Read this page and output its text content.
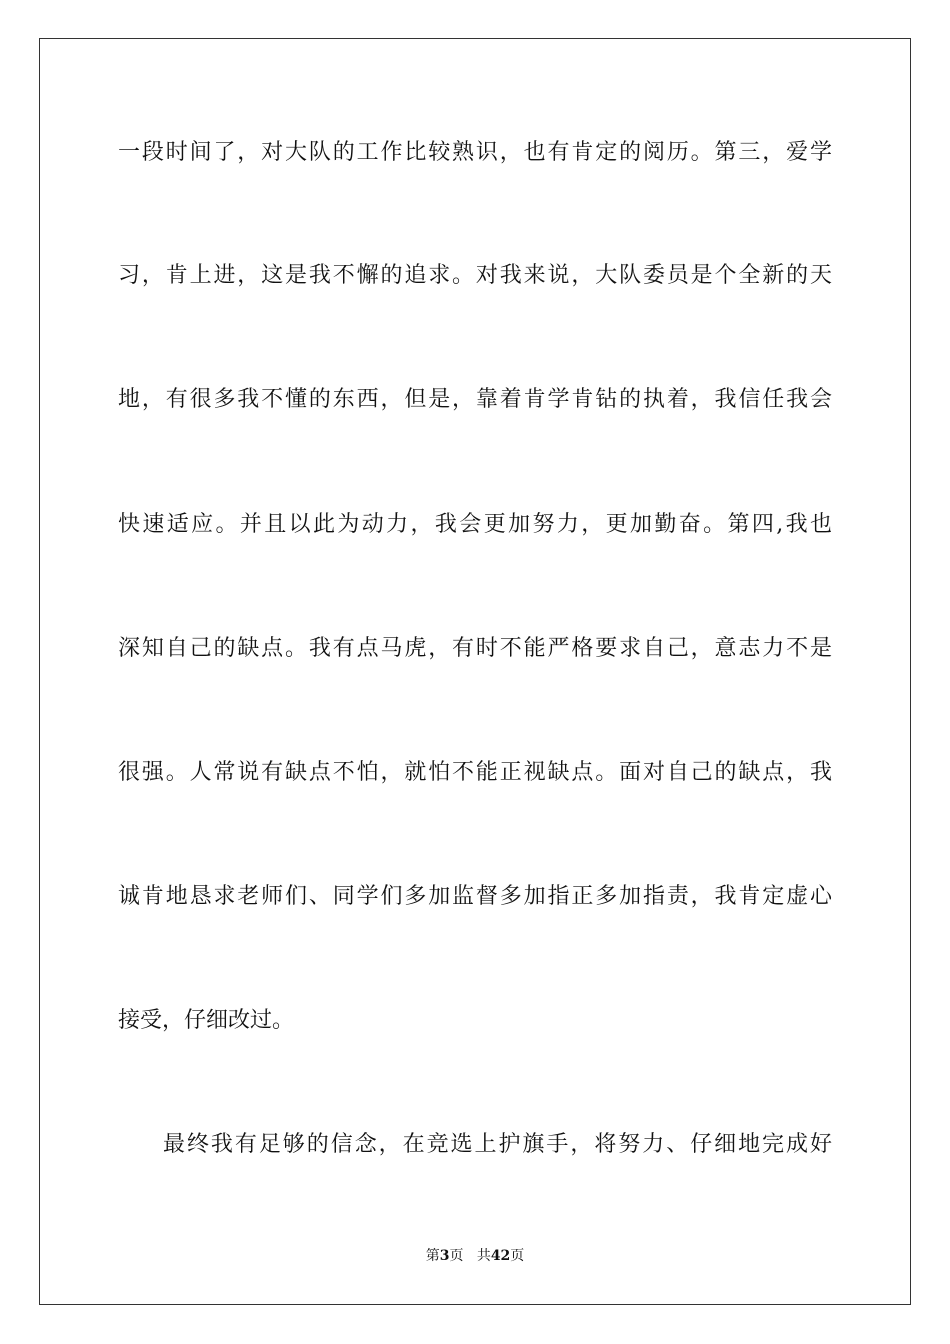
一段时间了，对大队的工作比较熟识，也有肯定的阅历。第三，爱学
习，肯上进，这是我不懈的追求。对我来说，大队委员是个全新的天
地，有很多我不懂的东西，但是，靠着肯学肯钻的执着，我信任我会
快速适应。并且以此为动力，我会更加努力，更加勤奋。第四,我也
深知自己的缺点。我有点马虎，有时不能严格要求自己，意志力不是
很强。人常说有缺点不怕，就怕不能正视缺点。面对自己的缺点，我
诚肯地恳求老师们、同学们多加监督多加指正多加指责，我肯定虚心
接受，仔细改过。
最终我有足够的信念，在竞选上护旗手，将努力、仔细地完成好
第3页 共42页
